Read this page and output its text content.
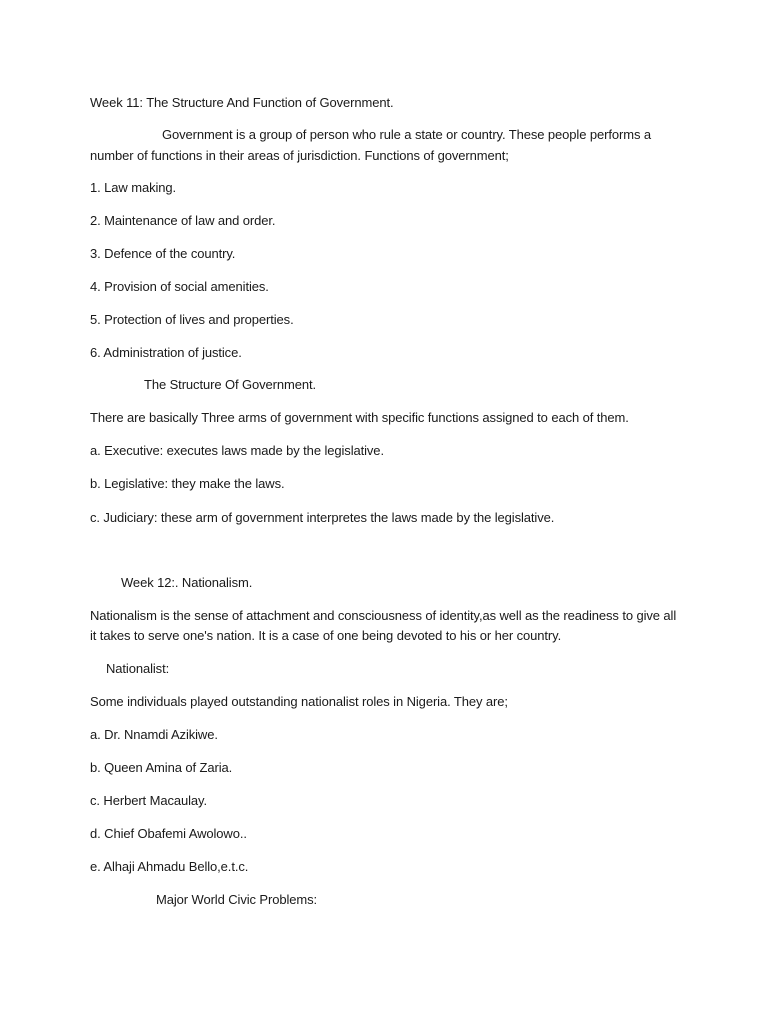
Week 11: The Structure And Function of Government.
Government is a group of person who rule a state or country. These people performs a
number of functions in their areas of jurisdiction. Functions of government;
1. Law making.
2. Maintenance of law and order.
3. Defence of the country.
4. Provision of social amenities.
5. Protection of lives and properties.
6. Administration of justice.
The Structure Of Government.
There are basically Three arms of government with specific functions assigned to each of them.
a. Executive: executes laws made by the legislative.
b. Legislative: they make the laws.
c. Judiciary: these arm of government interpretes the laws made by the legislative.
Week 12:. Nationalism.
Nationalism is the sense of attachment and consciousness of identity,as well as the readiness to give all
it takes to serve one's nation. It is a case of one being devoted to his or her country.
Nationalist:
Some individuals played outstanding nationalist roles in Nigeria. They are;
a. Dr. Nnamdi Azikiwe.
b. Queen Amina of Zaria.
c. Herbert Macaulay.
d. Chief Obafemi Awolowo..
e. Alhaji Ahmadu Bello,e.t.c.
Major World Civic Problems:
